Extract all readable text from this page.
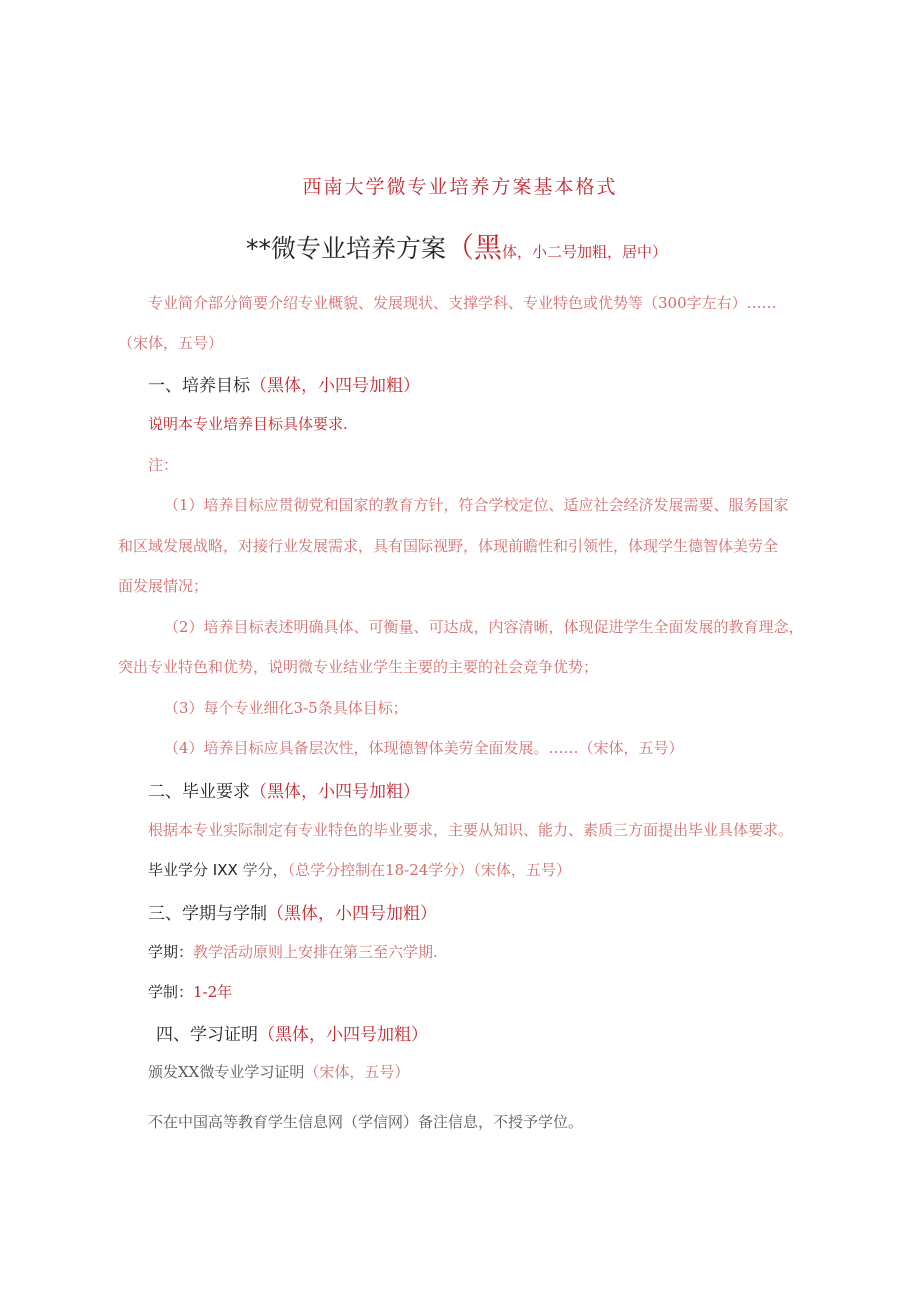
西南大学微专业培养方案基本格式
**微专业培养方案（黑体，小二号加粗，居中）
专业简介部分简要介绍专业概貌、发展现状、支撑学科、专业特色或优势等（300字左右）……
（宋体，五号）
一、培养目标（黑体，小四号加粗）
说明本专业培养目标具体要求.
注：
（1）培养目标应贯彻党和国家的教育方针，符合学校定位、适应社会经济发展需要、服务国家
和区域发展战略，对接行业发展需求，具有国际视野，体现前瞻性和引领性，体现学生德智体美劳全
面发展情况；
（2）培养目标表述明确具体、可衡量、可达成，内容清晰，体现促进学生全面发展的教育理念，
突出专业特色和优势，说明微专业结业学生主要的主要的社会竞争优势；
（3）每个专业细化3-5条具体目标；
（4）培养目标应具备层次性，体现德智体美劳全面发展。……（宋体，五号）
二、毕业要求（黑体，小四号加粗）
根据本专业实际制定有专业特色的毕业要求，主要从知识、能力、素质三方面提出毕业具体要求。
毕业学分 IXX 学分，（总学分控制在18-24学分）（宋体，五号）
三、学期与学制（黑体，小四号加粗）
学期：教学活动原则上安排在第三至六学期.
学制：1-2年
四、学习证明（黑体，小四号加粗）
颁发XX微专业学习证明（宋体，五号）
不在中国高等教育学生信息网（学信网）备注信息，不授予学位。
